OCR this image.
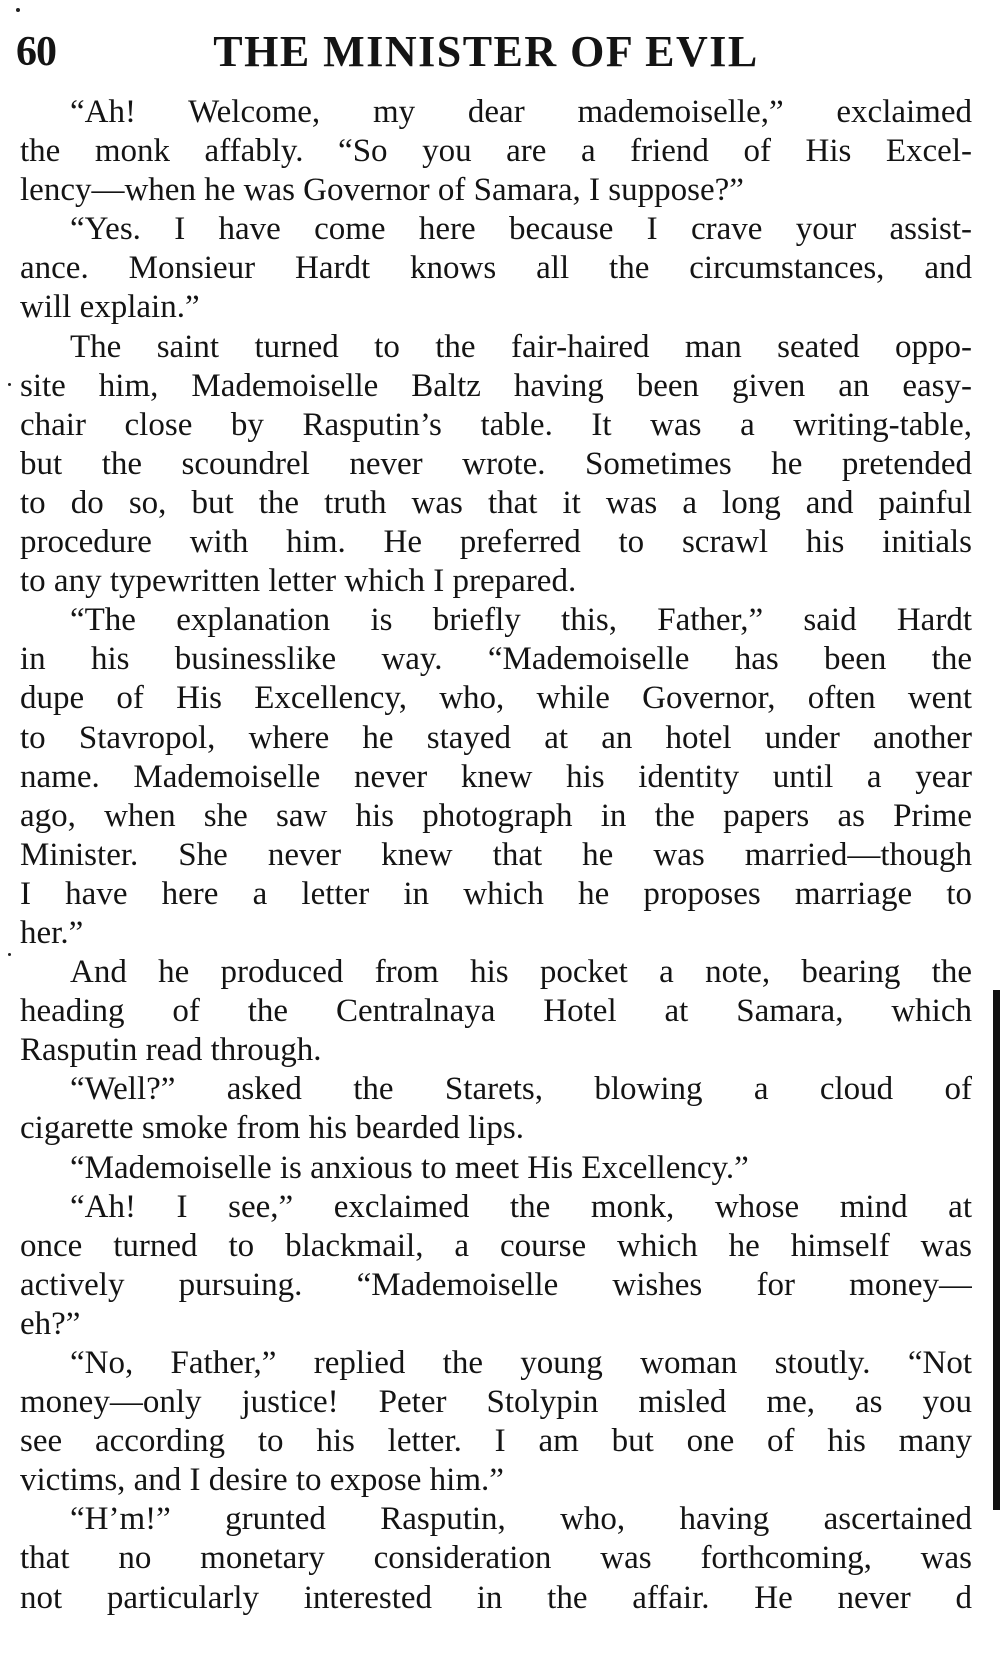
60	THE MINISTER OF EVIL
“Ah! Welcome, my dear mademoiselle,” exclaimed
the monk affably. “So you are a friend of His Excel-
lency—when he was Governor of Samara, I suppose?”
“Yes. I have come here because I crave your assist-
ance. Monsieur Hardt knows all the circumstances, and
will explain.”
The saint turned to the fair-haired man seated oppo-
site him, Mademoiselle Baltz having been given an easy-
chair close by Rasputin’s table. It was a writing-table,
but the scoundrel never wrote. Sometimes he pretended
to do so, but the truth was that it was a long and painful
procedure with him. He preferred to scrawl his initials
to any typewritten letter which I prepared.
“The explanation is briefly this, Father,” said Hardt
in his businesslike way. “Mademoiselle has been the
dupe of His Excellency, who, while Governor, often went
to Stavropol, where he stayed at an hotel under another
name. Mademoiselle never knew his identity until a year
ago, when she saw his photograph in the papers as Prime
Minister. She never knew that he was married—though
I have here a letter in which he proposes marriage to
her.”
And he produced from his pocket a note, bearing the
heading of the Centralnaya Hotel at Samara, which
Rasputin read through.
“Well?” asked the Starets, blowing a cloud of
cigarette smoke from his bearded lips.
“Mademoiselle is anxious to meet His Excellency.”
“Ah! I see,” exclaimed the monk, whose mind at
once turned to blackmail, a course which he himself was
actively pursuing. “Mademoiselle wishes for money—
eh?”
“No, Father,” replied the young woman stoutly. “Not
money—only justice! Peter Stolypin misled me, as you
see according to his letter. I am but one of his many
victims, and I desire to expose him.”
“H’m!” grunted Rasputin, who, having ascertained
that no monetary consideration was forthcoming, was
not particularly interested in the affair. He never d
